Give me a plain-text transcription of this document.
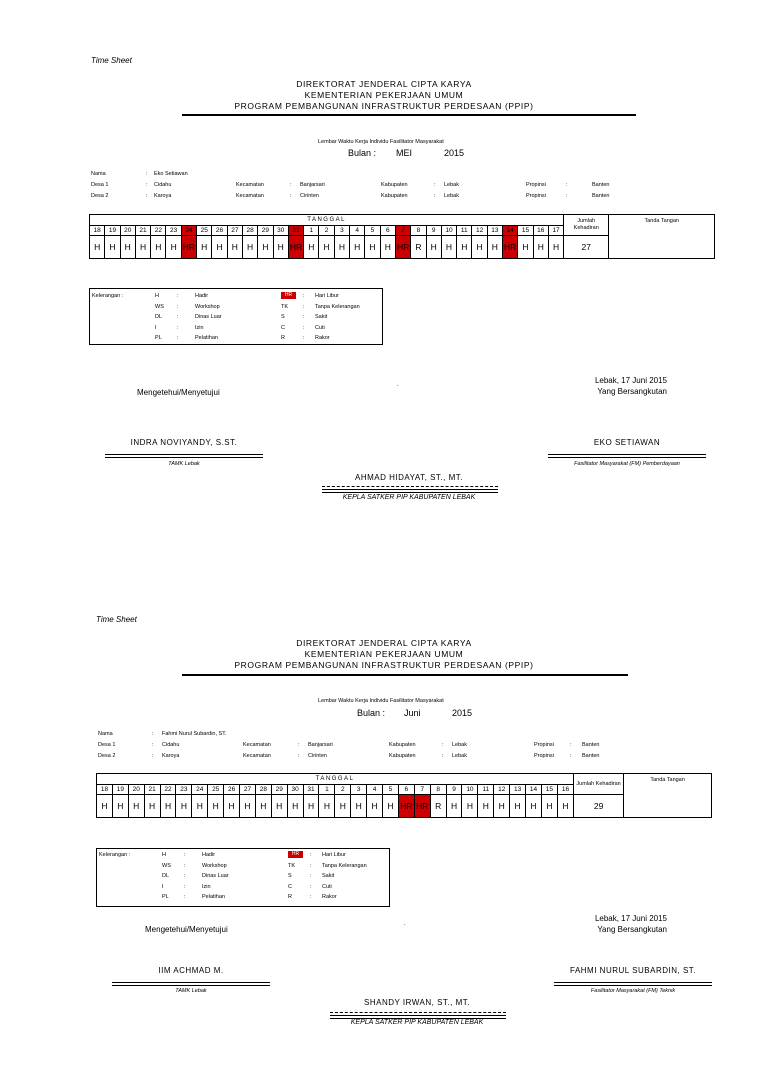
Time Sheet
DIREKTORAT JENDERAL CIPTA KARYA
KEMENTERIAN PEKERJAAN UMUM
PROGRAM PEMBANGUNAN INFRASTRUKTUR PERDESAAN (PPIP)
Lembar Waktu Kerja Individu Fasilitator Masyarakat
Bulan : MEI	2015
Nama	: Eko Setiawan
Desa 1	: Cidahu	Kecamatan	: Banjarsari	Kabupaten	: Lebak	Propinsi	:	Banten
Desa 2	: Karoya	Kecamatan	: Cirinten	Kabupaten	: Lebak	Propinsi	:	Banten
TANGGAL																															Jumlah Kehadiran	Tanda Tangan
18	19	20	21	22	23	24	25	26	27	28	29	30	31	1	2	3	4	5	6	7	8	9	10	11	12	13	14	15	16	17		
H	H	H	H	H	H	HR	H	H	H	H	H	H	HR	H	H	H	H	H	H	HR	R	H	H	H	H	H	HR	H	H	H	27	
Kelerangan :	H	:	Hadir
WS :	Workshop
DL	:	Dinas Luar
I	:	Izin
PL	:	Pelatihan
HR	: Hari Libur
TK	: Tanpa Kelerangan
S	: Sakit
C	: Cuti
R	: Rakor
Mengetehui/Menyetujui
.	Lebak, 17 Juni 2015
Yang Bersangkutan
INDRA NOVIYANDY, S.ST.
TAMK Lebak
EKO SETIAWAN
Fasilitator Masyarakat (FM) Pemberdayaan
AHMAD HIDAYAT, ST., MT.
KEPLA SATKER PIP KABUPATEN LEBAK
Time Sheet
DIREKTORAT JENDERAL CIPTA KARYA
KEMENTERIAN PEKERJAAN UMUM
PROGRAM PEMBANGUNAN INFRASTRUKTUR PERDESAAN (PPIP)
Lembar Waktu Kerja Individu Fasilitator Masyarakat
Bulan : Juni	2015
Nama	: Fahmi Nurul Subardin, ST.
Desa 1	: Cidahu	Kecamatan	: Banjarsari	Kabupaten	: Lebak	Propinsi	: Banten
Desa 2	: Karoya	Kecamatan	: Cirinten	Kabupaten	: Lebak	Propinsi	: Banten
TANGGAL																														Jumlah Kehadiran	Tanda Tangan
18	19	20	21	22	23	24	25	26	27	28	29	30	31	1	2	3	4	5	6	7	8	9	10	11	12	13	14	15	16		
H	H	H	H	H	H	H	H	H	H	H	H	H	H	H	H	H	H	H	HR	HR	R	H	H	H	H	H	H	H	H	29	
Kelerangan :	H	:	Hadir
WS :	Workshop
DL	:	Dinas Luar
I	:	Izin
PL	:	Pelatihan
HR	: Hari Libur
TK	: Tanpa Kelerangan
S	: Sakit
C	: Cuti
R	: Rakor
Mengetehui/Menyetujui
.
Lebak, 17 Juni 2015
Yang Bersangkutan
IIM ACHMAD M.
TAMK Lebak
FAHMI NURUL SUBARDIN, ST.
Fasilitator Masyarakat (FM) Teknik
SHANDY IRWAN, ST., MT.
KEPLA SATKER PIP KABUPATEN LEBAK
